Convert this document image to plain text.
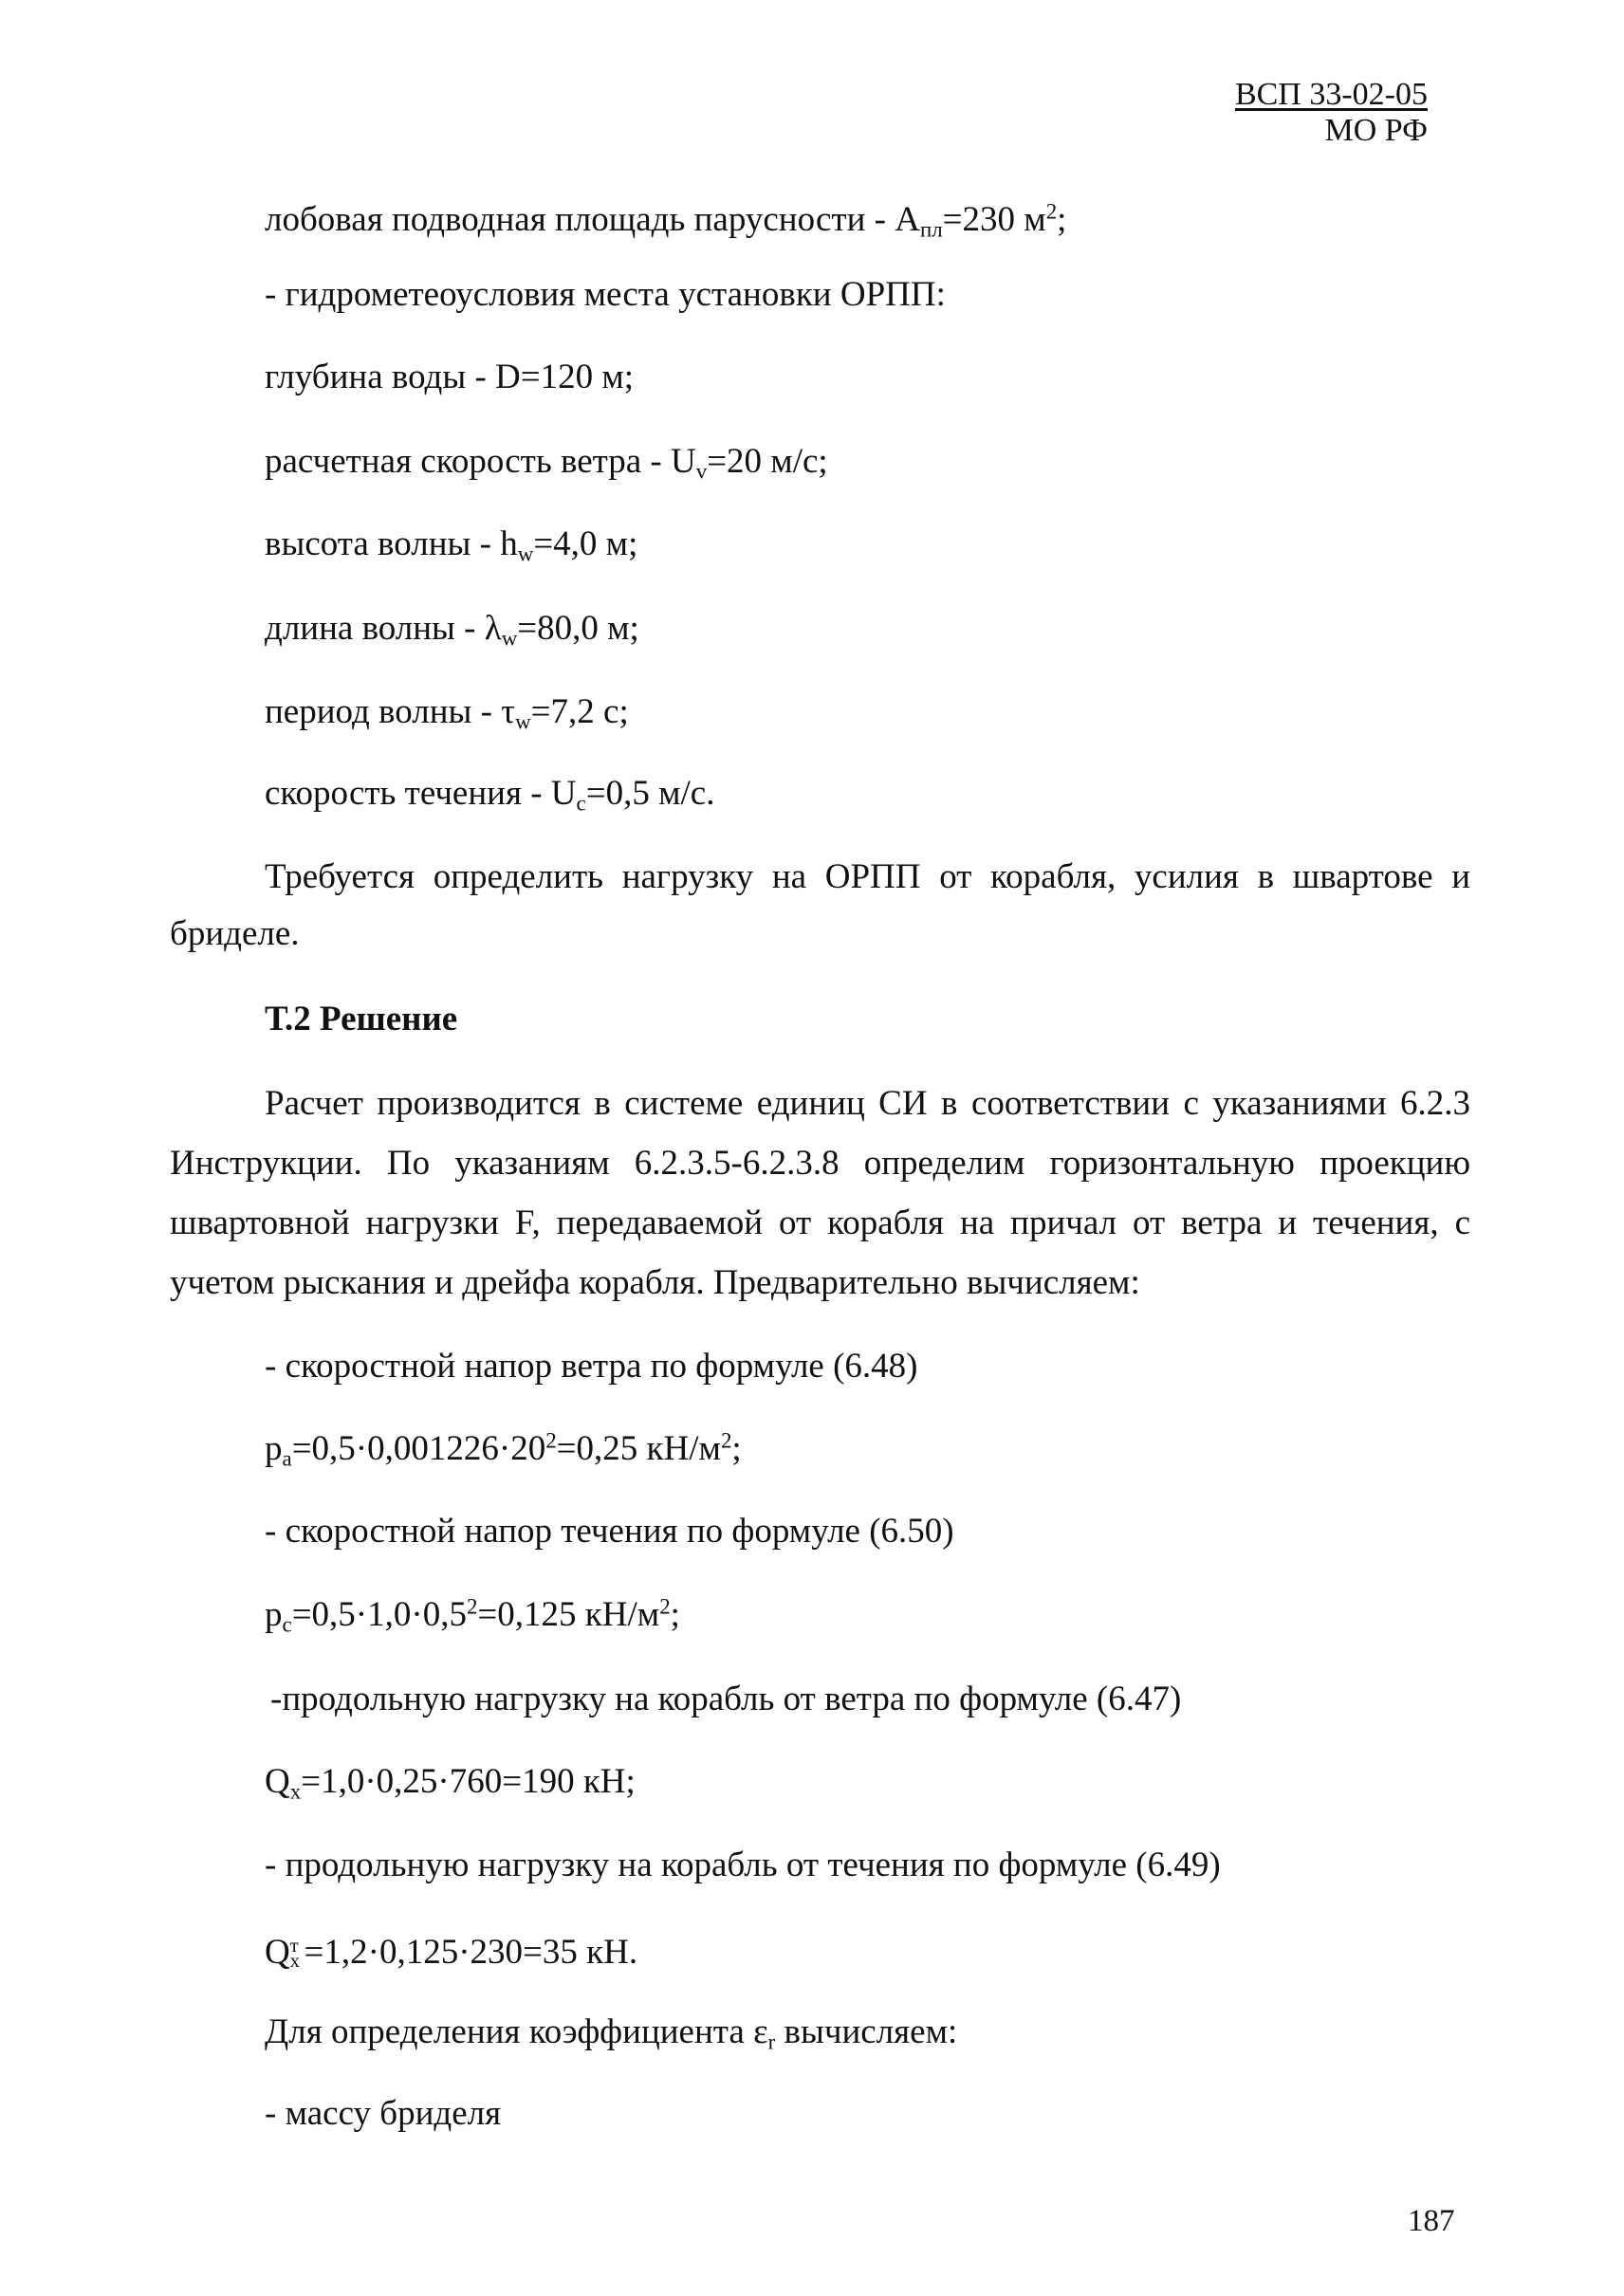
ВСП 33-02-05
МО РФ
лобовая подводная площадь парусности - $А_{пл}=230$ $м^2$;
- гидрометеоусловия места установки ОРПП:
глубина воды - D=120 м;
расчетная скорость ветра - $U_v=20$ м/с;
высота волны - $h_w=4,0$ м;
длина волны - $\lambda_w=80,0$ м;
период волны - $\tau_w=7,2$ с;
скорость течения - $U_c=0,5$ м/с.
Требуется определить нагрузку на ОРПП от корабля, усилия в швартове и
бриделе.
Т.2 Решение
Расчет производится в системе единиц СИ в соответствии с указаниями 6.2.3
Инструкции. По указаниям 6.2.3.5-6.2.3.8 определим горизонтальную проекцию
швартовной нагрузки F, передаваемой от корабля на причал от ветра и течения, с
учетом рыскания и дрейфа корабля. Предварительно вычисляем:
- скоростной напор ветра по формуле (6.48)
$p_a=0,5\cdot 0,001226\cdot 20^2=0,25$ $кН/м^2$;
- скоростной напор течения по формуле (6.50)
$p_c=0,5\cdot 1,0\cdot 0,5^2=0,125$ $кН/м^2$;
-продольную нагрузку на корабль от ветра по формуле (6.47)
$Q_x=1,0\cdot 0,25\cdot 760=190$ кН;
- продольную нагрузку на корабль от течения по формуле (6.49)
Q т
x =1,2·0,125·230=35 кН.
Для определения коэффициента $\varepsilon_r$ вычисляем:
- массу бриделя
187
